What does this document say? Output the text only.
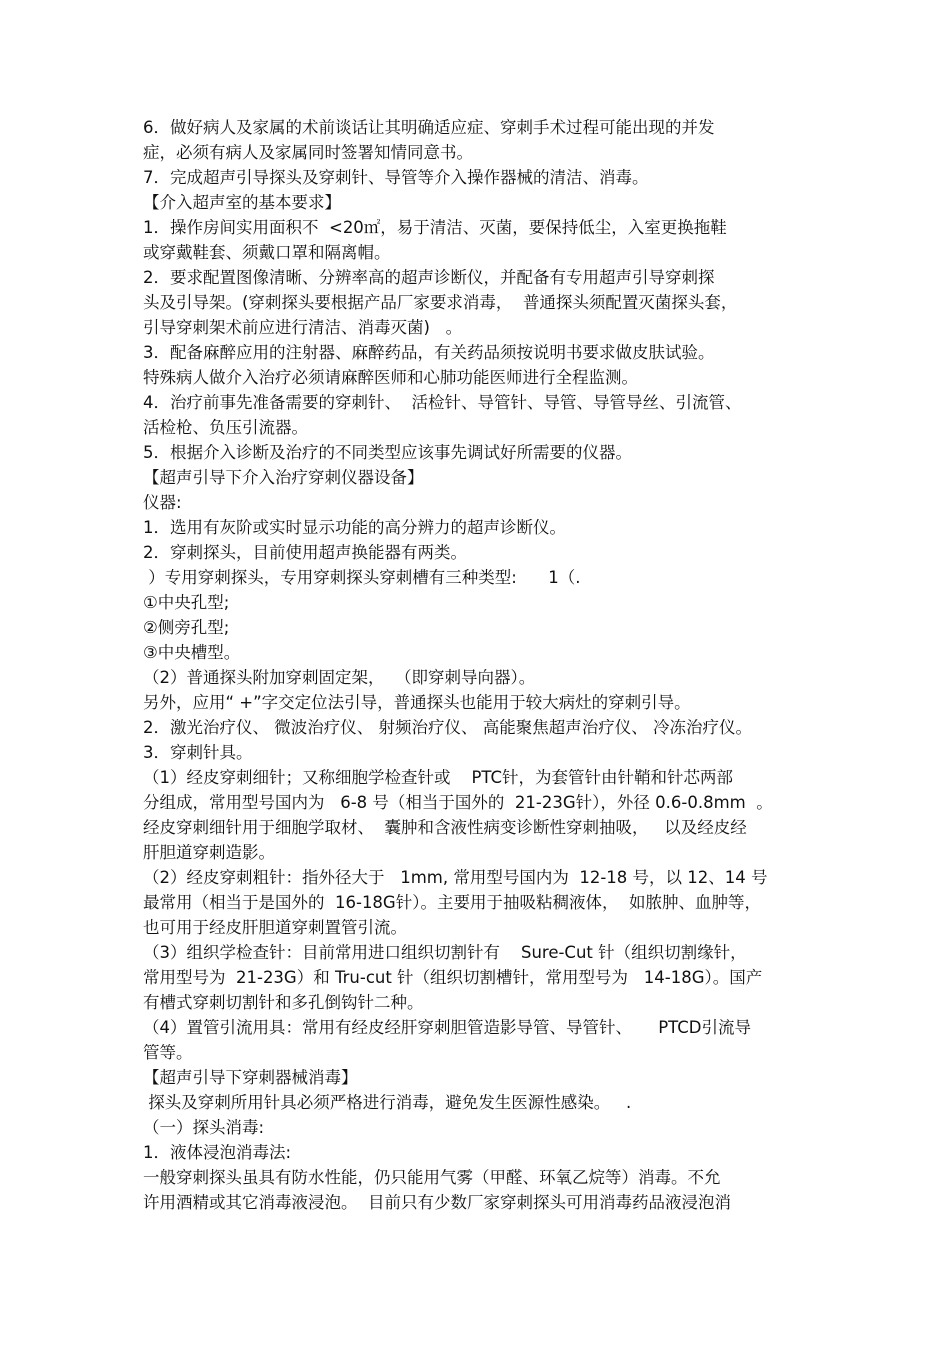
6．做好病人及家属的术前谈话让其明确适应症、穿刺手术过程可能出现的并发
症，必须有病人及家属同时签署知情同意书。
7．完成超声引导探头及穿刺针、导管等介入操作器械的清洁、消毒。
【介入超声室的基本要求】
1．操作房间实用面积不  <20㎡，易于清洁、灭菌，要保持低尘，入室更换拖鞋
或穿戴鞋套、须戴口罩和隔离帽。
2．要求配置图像清晰、分辨率高的超声诊断仪，并配备有专用超声引导穿刺探
头及引导架。(穿刺探头要根据产品厂家要求消毒，  普通探头须配置灭菌探头套，
引导穿刺架术前应进行清洁、消毒灭菌)   。
3．配备麻醉应用的注射器、麻醉药品，有关药品须按说明书要求做皮肤试验。
特殊病人做介入治疗必须请麻醉医师和心肺功能医师进行全程监测。
4．治疗前事先准备需要的穿刺针、  活检针、导管针、导管、导管导丝、引流管、
活检枪、负压引流器。
5．根据介入诊断及治疗的不同类型应该事先调试好所需要的仪器。
【超声引导下介入治疗穿刺仪器设备】
仪器:
1．选用有灰阶或实时显示功能的高分辨力的超声诊断仪。
2．穿刺探头，目前使用超声换能器有两类。
）专用穿刺探头，专用穿刺探头穿刺槽有三种类型:      1（.
①中央孔型;
②侧旁孔型;
③中央槽型。
（2）普通探头附加穿刺固定架，  （即穿刺导向器）。
另外，应用“ +”字交定位法引导，普通探头也能用于较大病灶的穿刺引导。
2．激光治疗仪、 微波治疗仪、 射频治疗仪、 高能聚焦超声治疗仪、 冷冻治疗仪。
3．穿刺针具。
（1）经皮穿刺细针；又称细胞学检查针或    PTC针，为套管针由针鞘和针芯两部
分组成，常用型号国内为   6-8 号（相当于国外的  21-23G针），外径 0.6-0.8mm  。
经皮穿刺细针用于细胞学取材、  囊肿和含液性病变诊断性穿刺抽吸，   以及经皮经
肝胆道穿刺造影。
（2）经皮穿刺粗针：指外径大于   1mm, 常用型号国内为  12-18 号，以 12、14 号
最常用（相当于是国外的  16-18G针）。主要用于抽吸粘稠液体，  如脓肿、血肿等，
也可用于经皮肝胆道穿刺置管引流。
（3）组织学检查针：目前常用进口组织切割针有    Sure-Cut 针（组织切割缘针，
常用型号为  21-23G）和 Tru-cut 针（组织切割槽针，常用型号为   14-18G）。国产
有槽式穿刺切割针和多孔倒钩针二种。
（4）置管引流用具：常用有经皮经肝穿刺胆管造影导管、导管针、     PTCD引流导
管等。
【超声引导下穿刺器械消毒】
探头及穿刺所用针具必须严格进行消毒，避免发生医源性感染。   .
（一）探头消毒:
1．液体浸泡消毒法:
一般穿刺探头虽具有防水性能，仍只能用气雾（甲醛、环氧乙烷等）消毒。不允
许用酒精或其它消毒液浸泡。  目前只有少数厂家穿刺探头可用消毒药品液浸泡消
